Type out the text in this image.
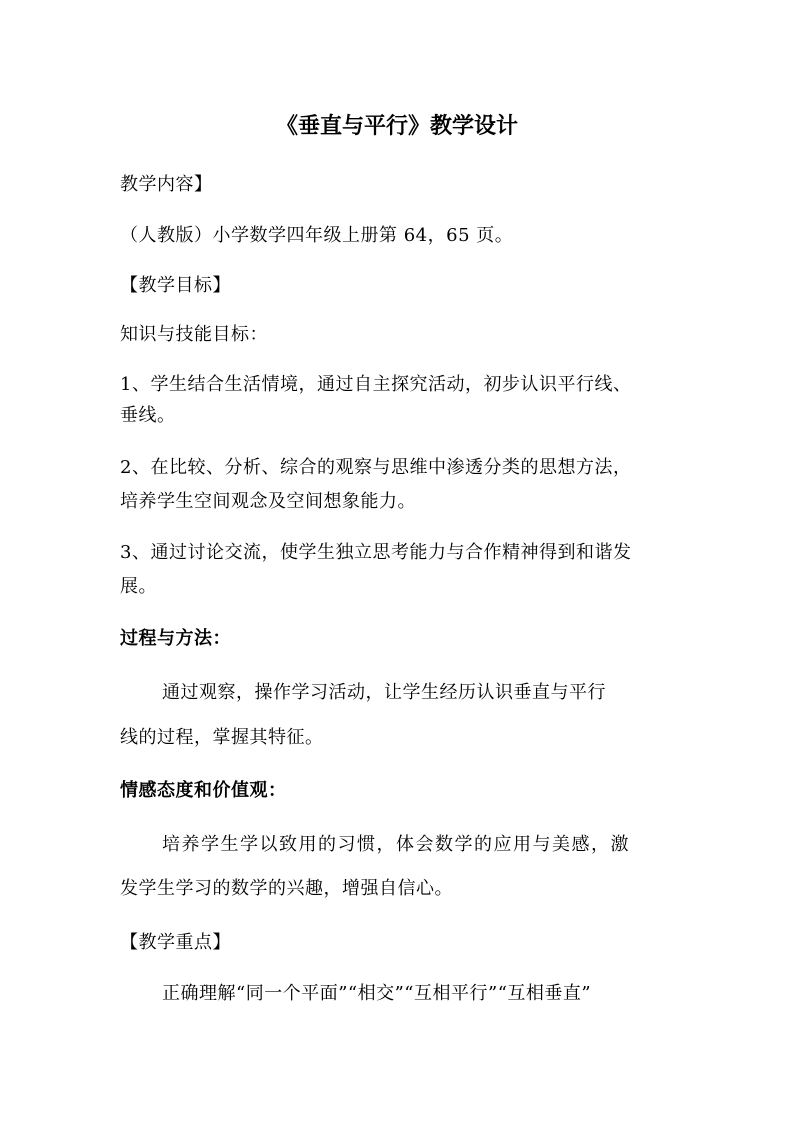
《垂直与平行》教学设计
教学内容】
（人教版）小学数学四年级上册第 64，65 页。
【教学目标】
知识与技能目标：
1、学生结合生活情境，通过自主探究活动，初步认识平行线、
垂线。
2、在比较、分析、综合的观察与思维中渗透分类的思想方法，
培养学生空间观念及空间想象能力。
3、通过讨论交流，使学生独立思考能力与合作精神得到和谐发
展。
过程与方法：
通过观察，操作学习活动，让学生经历认识垂直与平行
线的过程，掌握其特征。
情感态度和价值观：
培养学生学以致用的习惯，体会数学的应用与美感，激
发学生学习的数学的兴趣，增强自信心。
【教学重点】
正确理解“同一个平面”“相交”“互相平行”“互相垂直”
